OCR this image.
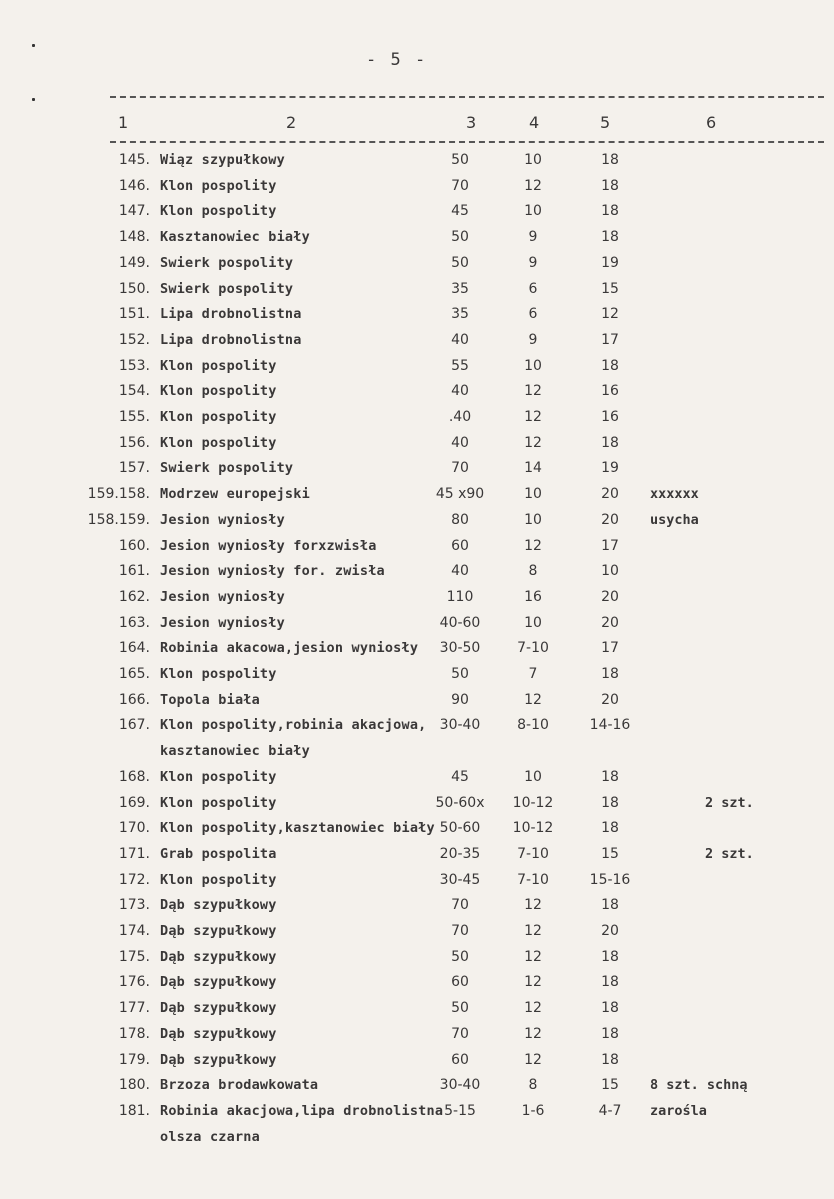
- 5 -
1	2	3	4	5	6
145. Wiąz szypułkowy	50	10	18
146. Klon pospolity	70	12	18
147. Klon pospolity	45	10	18
148. Kasztanowiec biały	50	9	18
149. Swierk pospolity	50	9	19
150. Swierk pospolity	35	6	15
151. Lipa drobnolistna	35	6	12
152. Lipa drobnolistna	40	9	17
153. Klon pospolity	55	10	18
154. Klon pospolity	40	12	16
155. Klon pospolity	.40	12	16
156. Klon pospolity	40	12	18
157. Swierk pospolity	70	14	19
159.158. Modrzew europejski	45 x90	10	20	xxxxxx
158.159. Jesion wyniosły	80	10	20	usycha
160. Jesion wyniosły forxzwisła	60	12	17
161. Jesion wyniosły for. zwisła	40	8	10
162. Jesion wyniosły	110	16	20
163. Jesion wyniosły	40-60	10	20
164. Robinia akacowa,jesion wyniosły	30-50	7-10	17
165. Klon pospolity	50	7	18
166. Topola biała	90	12	20
167. Klon pospolity,robinia akacjowa, 30-40	8-10	14-16
kasztanowiec biały
168. Klon pospolity	45	10	18
169. Klon pospolity	50-60x	10-12	18	2 szt.
170. Klon pospolity,kasztanowiec biały 50-60	10-12	18
171. Grab pospolita	20-35	7-10	15	2 szt.
172. Klon pospolity	30-45	7-10	15-16
173. Dąb szypułkowy	70	12	18
174. Dąb szypułkowy	70	12	20
175. Dąb szypułkowy	50	12	18
176. Dąb szypułkowy	60	12	18
177. Dąb szypułkowy	50	12	18
178. Dąb szypułkowy	70	12	18
179. Dąb szypułkowy	60	12	18
180. Brzoza brodawkowata	30-40	8	15	8 szt. schną
181. Robinia akacjowa,lipa drobnolistna 5-15	1-6	4-7	zarośla
olsza czarna
